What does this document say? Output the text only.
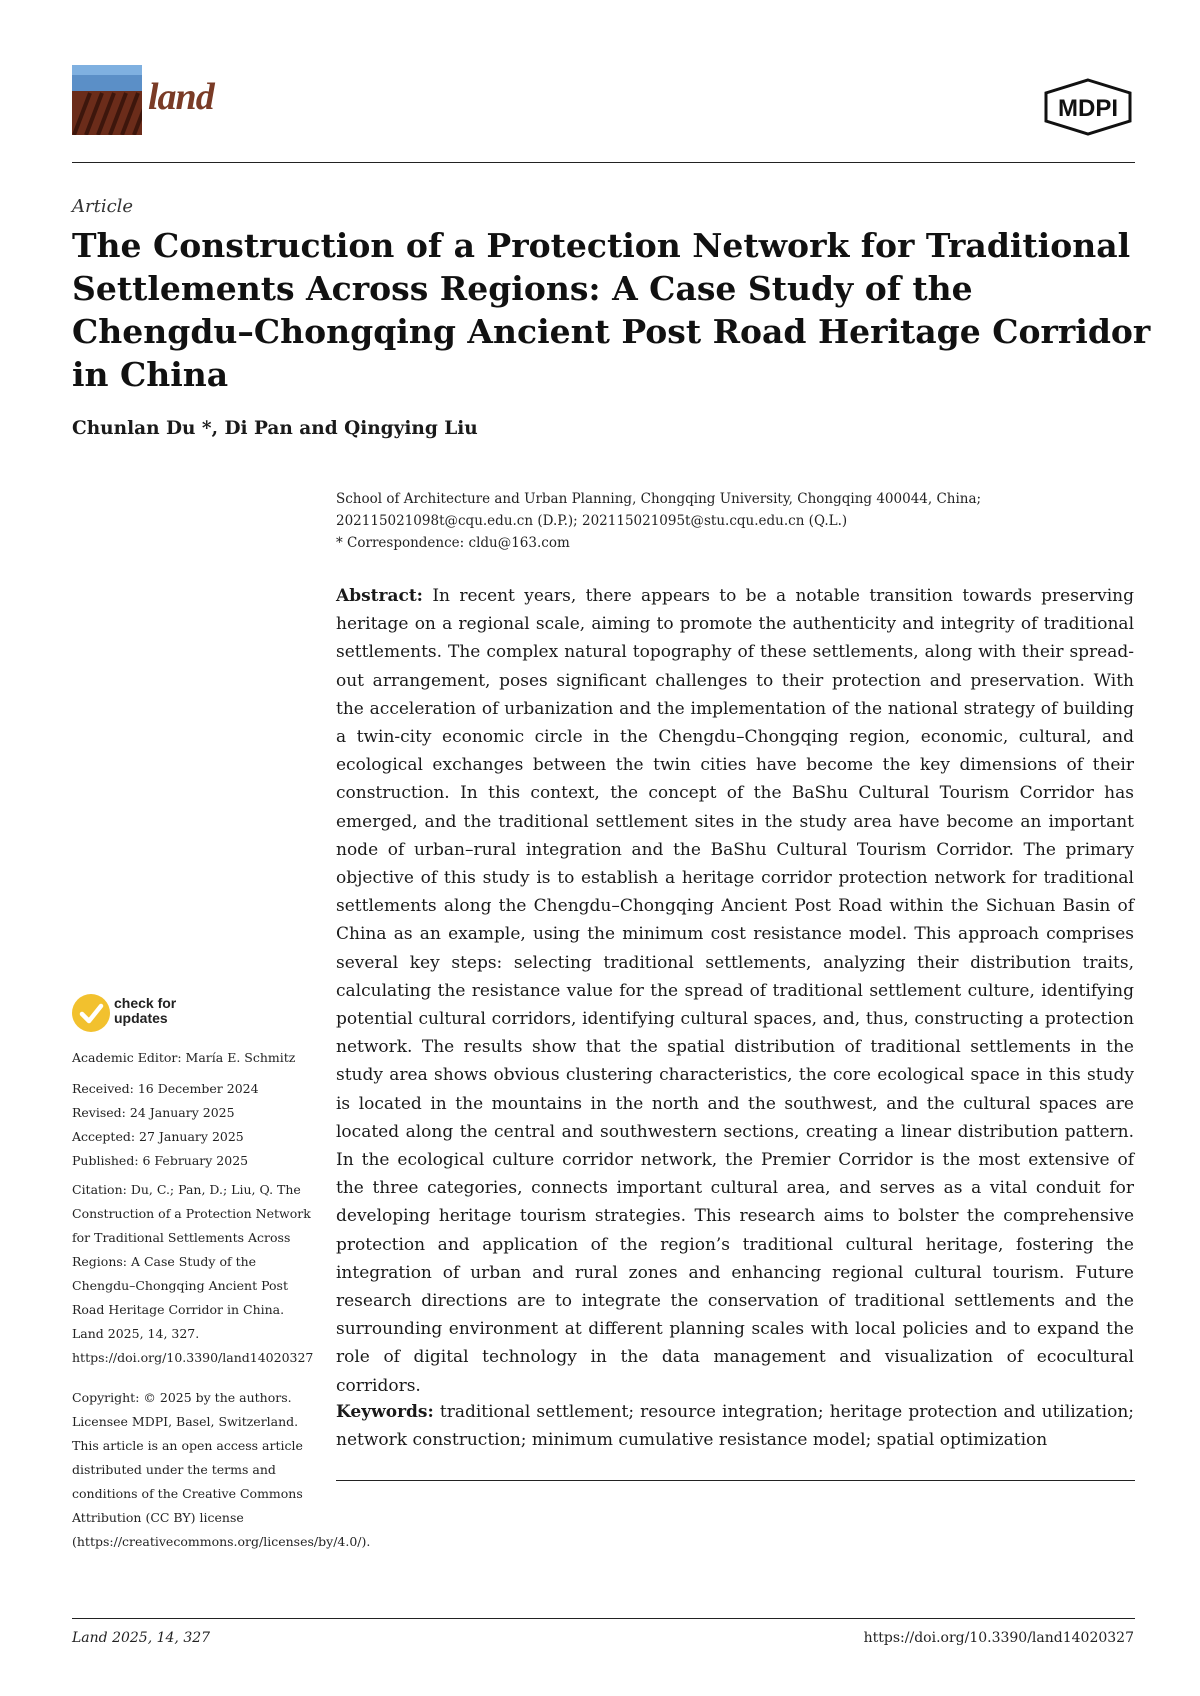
land	MDPI
Article
The Construction of a Protection Network for Traditional
Settlements Across Regions: A Case Study of the
Chengdu–Chongqing Ancient Post Road Heritage Corridor
in China
Chunlan Du *, Di Pan and Qingying Liu
School of Architecture and Urban Planning, Chongqing University, Chongqing 400044, China;
202115021098t@cqu.edu.cn (D.P.); 202115021095t@stu.cqu.edu.cn (Q.L.)
* Correspondence: cldu@163.com
Abstract: In recent years, there appears to be a notable transition towards preserving heritage on a regional scale, aiming to promote the authenticity and integrity of traditional settlements. The complex natural topography of these settlements, along with their spread-out arrangement, poses significant challenges to their protection and preservation. With the acceleration of urbanization and the implementation of the national strategy of building a twin-city economic circle in the Chengdu–Chongqing region, economic, cultural, and ecological exchanges between the twin cities have become the key dimensions of their construction. In this context, the concept of the BaShu Cultural Tourism Corridor has emerged, and the traditional settlement sites in the study area have become an important node of urban–rural integration and the BaShu Cultural Tourism Corridor. The primary objective of this study is to establish a heritage corridor protection network for traditional settlements along the Chengdu–Chongqing Ancient Post Road within the Sichuan Basin of China as an example, using the minimum cost resistance model. This approach comprises several key steps: selecting traditional settlements, analyzing their distribution traits, calculating the resistance value for the spread of traditional settlement culture, identifying potential cultural corridors, identifying cultural spaces, and, thus, constructing a protection network. The results show that the spatial distribution of traditional settlements in the study area shows obvious clustering characteristics, the core ecological space in this study is located in the mountains in the north and the southwest, and the cultural spaces are located along the central and southwestern sections, creating a linear distribution pattern. In the ecological culture corridor network, the Premier Corridor is the most extensive of the three categories, connects important cultural area, and serves as a vital conduit for developing heritage tourism strategies. This research aims to bolster the comprehensive protection and application of the region’s traditional cultural heritage, fostering the integration of urban and rural zones and enhancing regional cultural tourism. Future research directions are to integrate the conservation of traditional settlements and the surrounding environment at different planning scales with local policies and to expand the role of digital technology in the data management and visualization of ecocultural corridors.
Keywords: traditional settlement; resource integration; heritage protection and utilization; network construction; minimum cumulative resistance model; spatial optimization
check for
updates
Academic Editor: María E. Schmitz
Received: 16 December 2024
Revised: 24 January 2025
Accepted: 27 January 2025
Published: 6 February 2025
Citation: Du, C.; Pan, D.; Liu, Q. The Construction of a Protection Network for Traditional Settlements Across Regions: A Case Study of the Chengdu–Chongqing Ancient Post Road Heritage Corridor in China. Land 2025, 14, 327. https://doi.org/10.3390/land14020327
Copyright: © 2025 by the authors. Licensee MDPI, Basel, Switzerland. This article is an open access article distributed under the terms and conditions of the Creative Commons Attribution (CC BY) license (https://creativecommons.org/licenses/by/4.0/).
Land 2025, 14, 327	https://doi.org/10.3390/land14020327
